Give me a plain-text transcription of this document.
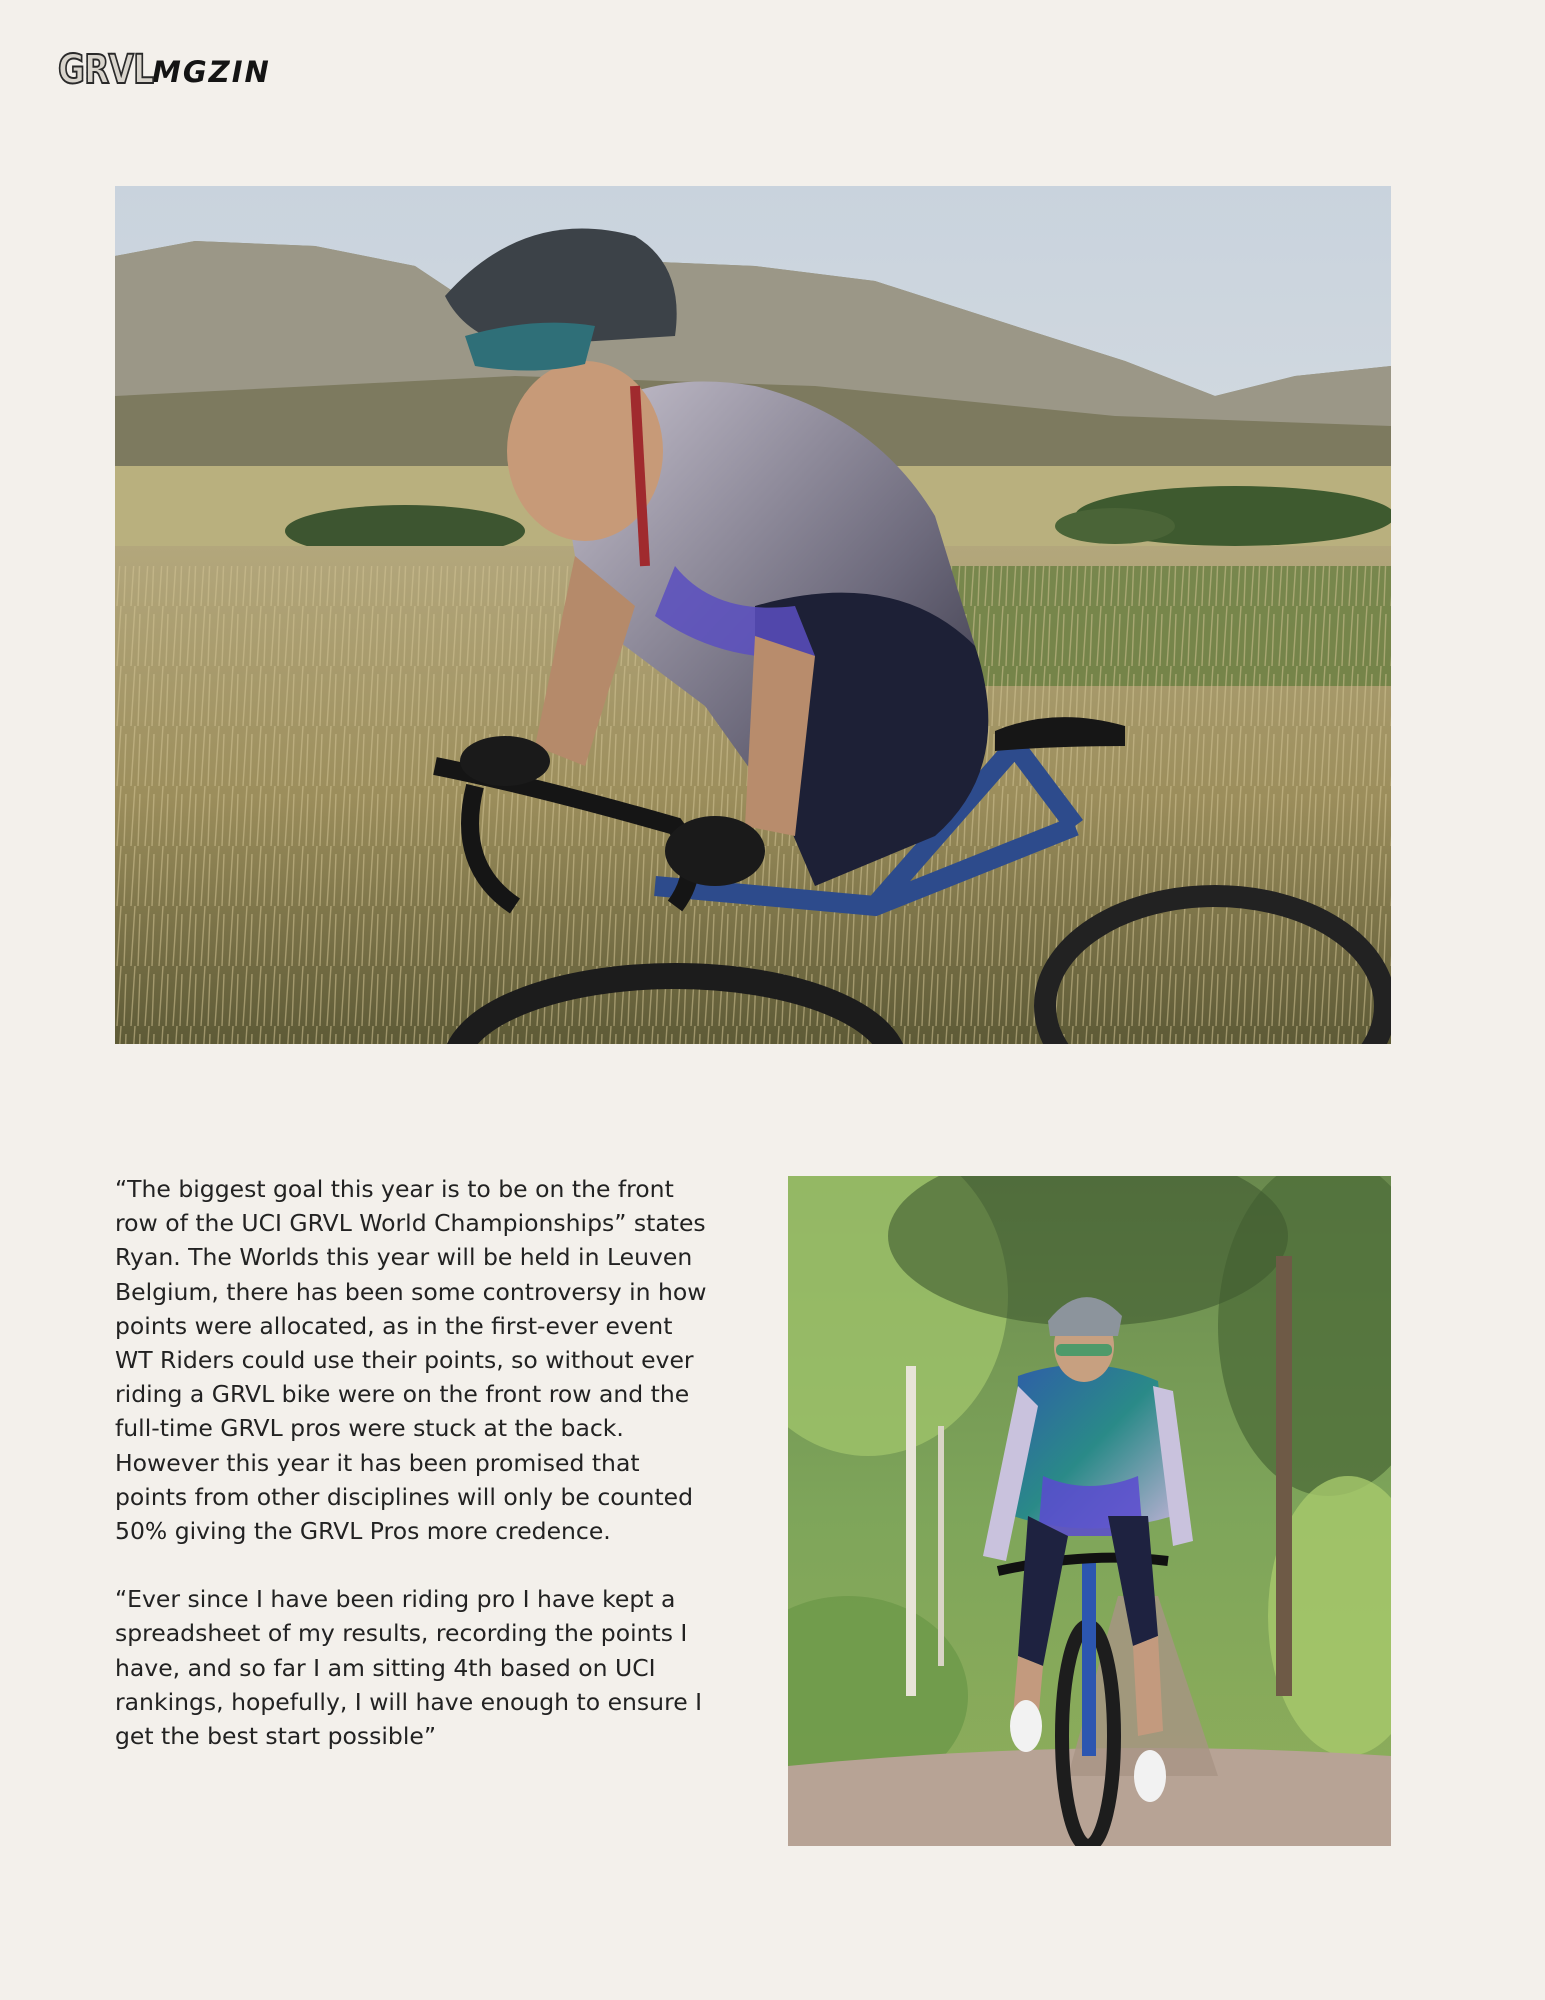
GRVL
MGZIN

“The biggest goal this year is to be on the front row of the UCI GRVL World Championships” states Ryan. The Worlds this year will be held in Leuven Belgium, there has been some controversy in how points were allocated, as in the first-ever event WT Riders could use their points, so without ever riding a GRVL bike were on the front row and the full-time GRVL pros were stuck at the back. However this year it has been promised that points from other disciplines will only be counted 50% giving the GRVL Pros more credence.

“Ever since I have been riding pro I have kept a spreadsheet of my results, recording the points I have, and so far I am sitting 4th based on UCI rankings, hopefully, I will have enough to ensure I get the best start possible”
